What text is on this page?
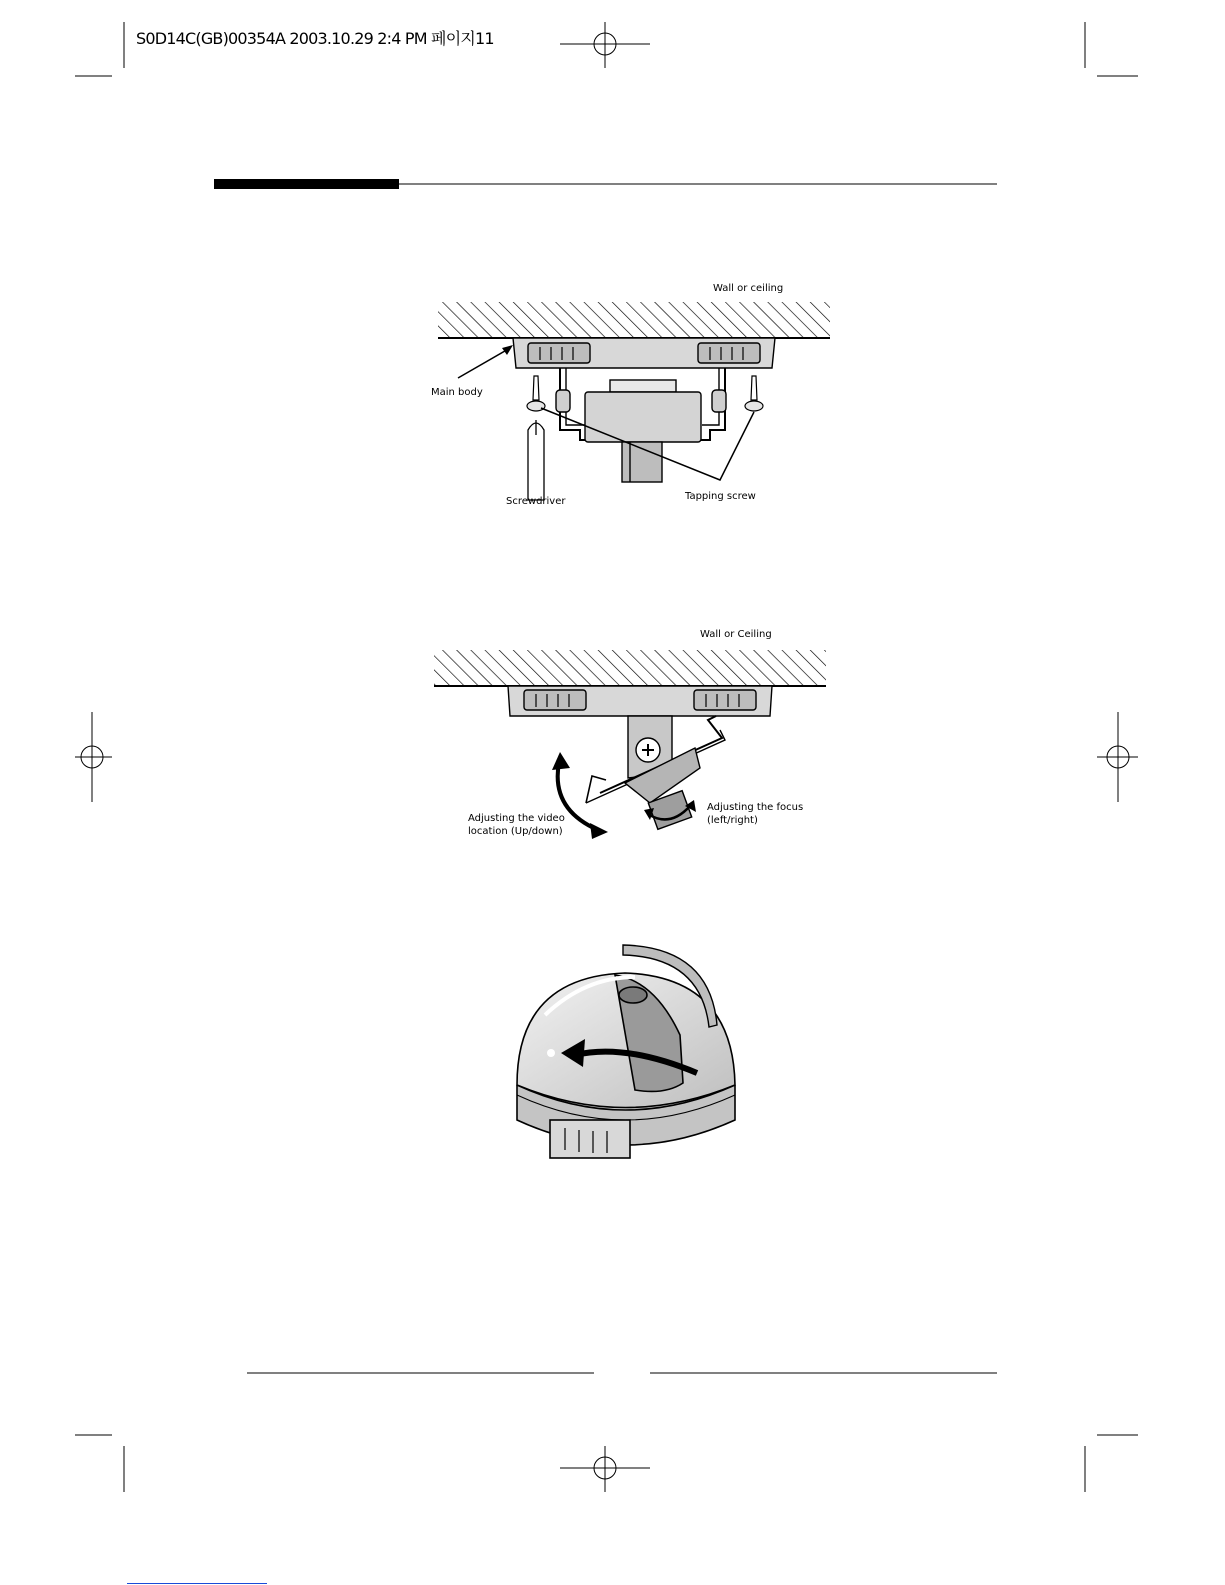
S0D14C(GB)00354A 2003.10.29 2:4 PM 페이지11
Wall or ceiling
Main body
Screwdriver	Tapping screw
Wall or Ceiling
Adjusting the video
location (Up/down)
Adjusting the focus
(left/right)
